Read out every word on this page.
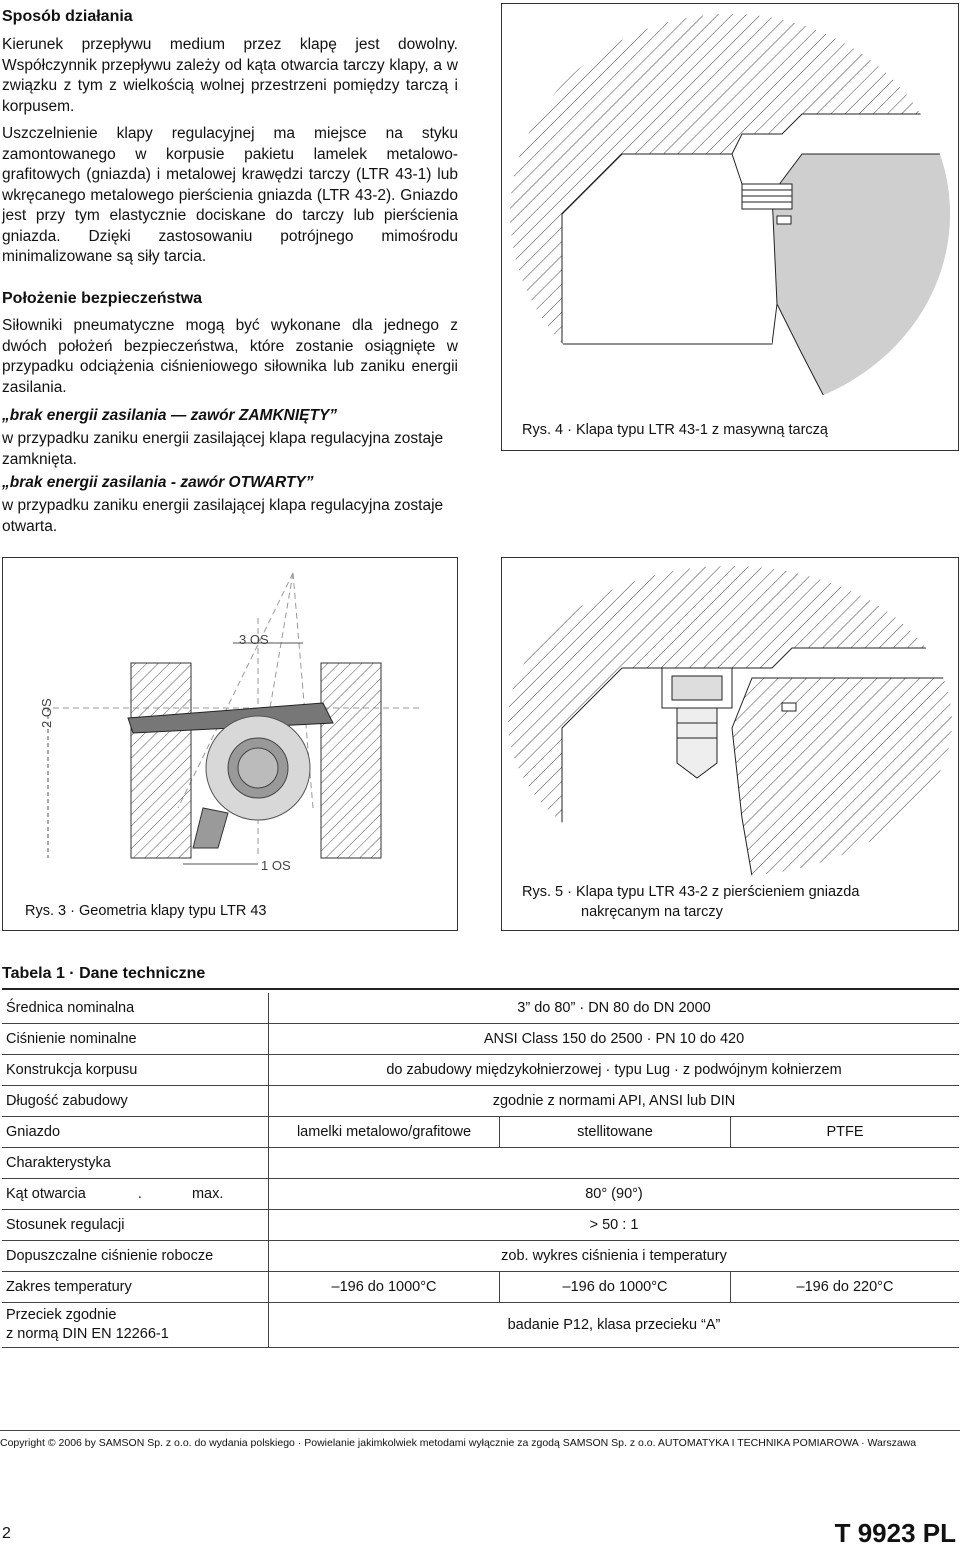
Sposób działania
Kierunek przepływu medium przez klapę jest dowolny. Współczynnik przepływu zależy od kąta otwarcia tarczy klapy, a w związku z tym z wielkością wolnej przestrzeni pomiędzy tarczą i korpusem.
Uszczelnienie klapy regulacyjnej ma miejsce na styku zamontowanego w korpusie pakietu lamelek metalowo-grafitowych (gniazda) i metalowej krawędzi tarczy (LTR 43-1) lub wkręcanego metalowego pierścienia gniazda (LTR 43-2). Gniazdo jest przy tym elastycznie dociskane do tarczy lub pierścienia gniazda. Dzięki zastosowaniu potrójnego mimośrodu minimalizowane są siły tarcia.
Położenie bezpieczeństwa
Siłowniki pneumatyczne mogą być wykonane dla jednego z dwóch położeń bezpieczeństwa, które zostanie osiągnięte w przypadku odciążenia ciśnieniowego siłownika lub zaniku energii zasilania.
„brak energii zasilania — zawór ZAMKNIĘTY”
w przypadku zaniku energii zasilającej klapa regulacyjna zostaje zamknięta.
„brak energii zasilania - zawór OTWARTY”
w przypadku zaniku energii zasilającej klapa regulacyjna zostaje otwarta.
Rys. 4 · Klapa typu LTR 43-1 z masywną tarczą
3 OS
2 OS
1 OS
Rys. 3 · Geometria klapy typu LTR 43
Rys. 5 · Klapa typu LTR 43-2 z pierścieniem gniazda
nakręcanym na tarczy
Tabela 1 · Dane techniczne
Średnica nominalna	3” do 80” · DN 80 do DN 2000		
Ciśnienie nominalne	ANSI Class 150 do 2500 · PN 10 do 420		
Konstrukcja korpusu	do zabudowy międzykołnierzowej · typu Lug · z podwójnym kołnierzem		
Długość zabudowy	zgodnie z normami API, ANSI lub DIN		
Gniazdo	lamelki metalowo/grafitowe	stellitowane	PTFE
Charakterystyka			
Kąt otwarcia . max.	80° (90°)		
Stosunek regulacji	> 50 : 1		
Dopuszczalne ciśnienie robocze	zob. wykres ciśnienia i temperatury		
Zakres temperatury	–196 do 1000°C	–196 do 1000°C	–196 do 220°C

Przeciek zgodnie
z normą DIN EN 12266-1	badanie P12, klasa przecieku “A”		
Copyright © 2006 by SAMSON Sp. z o.o. do wydania polskiego · Powielanie jakimkolwiek metodami wyłącznie za zgodą SAMSON Sp. z o.o. AUTOMATYKA I TECHNIKA POMIAROWA · Warszawa
2	T 9923 PL
